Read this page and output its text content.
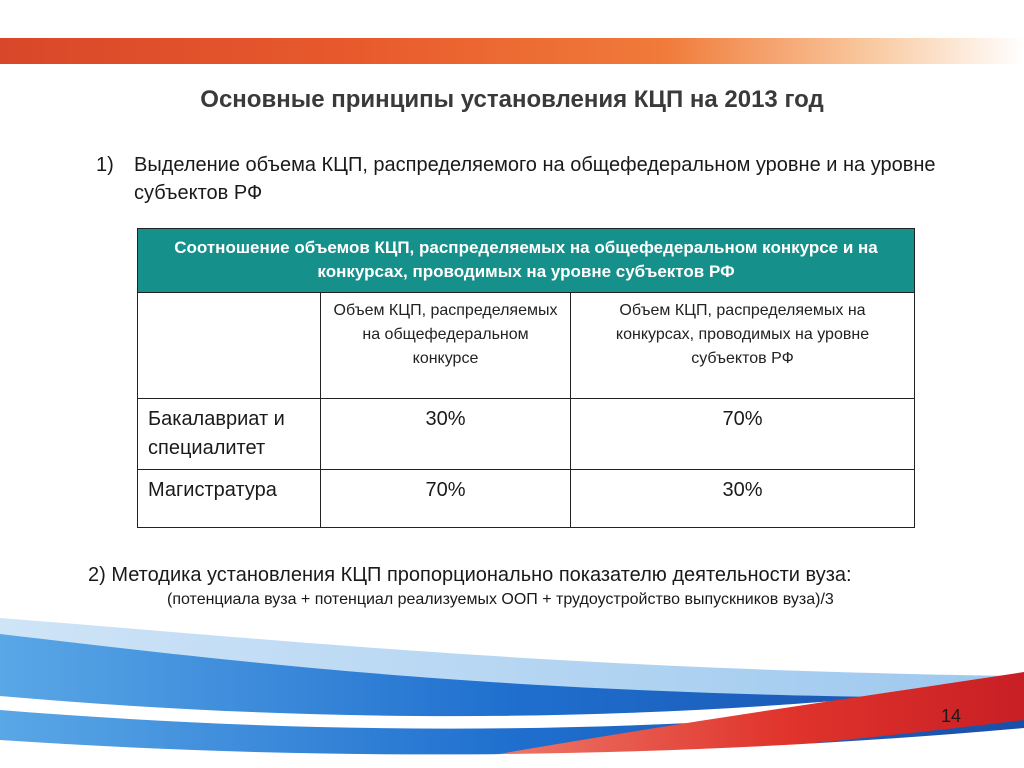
Основные принципы установления КЦП на 2013 год
1) Выделение объема КЦП, распределяемого на общефедеральном уровне и на уровне субъектов РФ
Соотношение объемов КЦП, распределяемых на общефедеральном конкурсе и на конкурсах, проводимых на уровне субъектов РФ		
	Объем КЦП, распределяемых на общефедеральном конкурсе	Объем КЦП, распределяемых на конкурсах, проводимых на уровне субъектов РФ
Бакалавриат и специалитет	30%	70%
Магистратура	70%	30%
2) Методика установления КЦП пропорционально показателю деятельности вуза:
(потенциала вуза + потенциал реализуемых ООП + трудоустройство выпускников вуза)/3
14
